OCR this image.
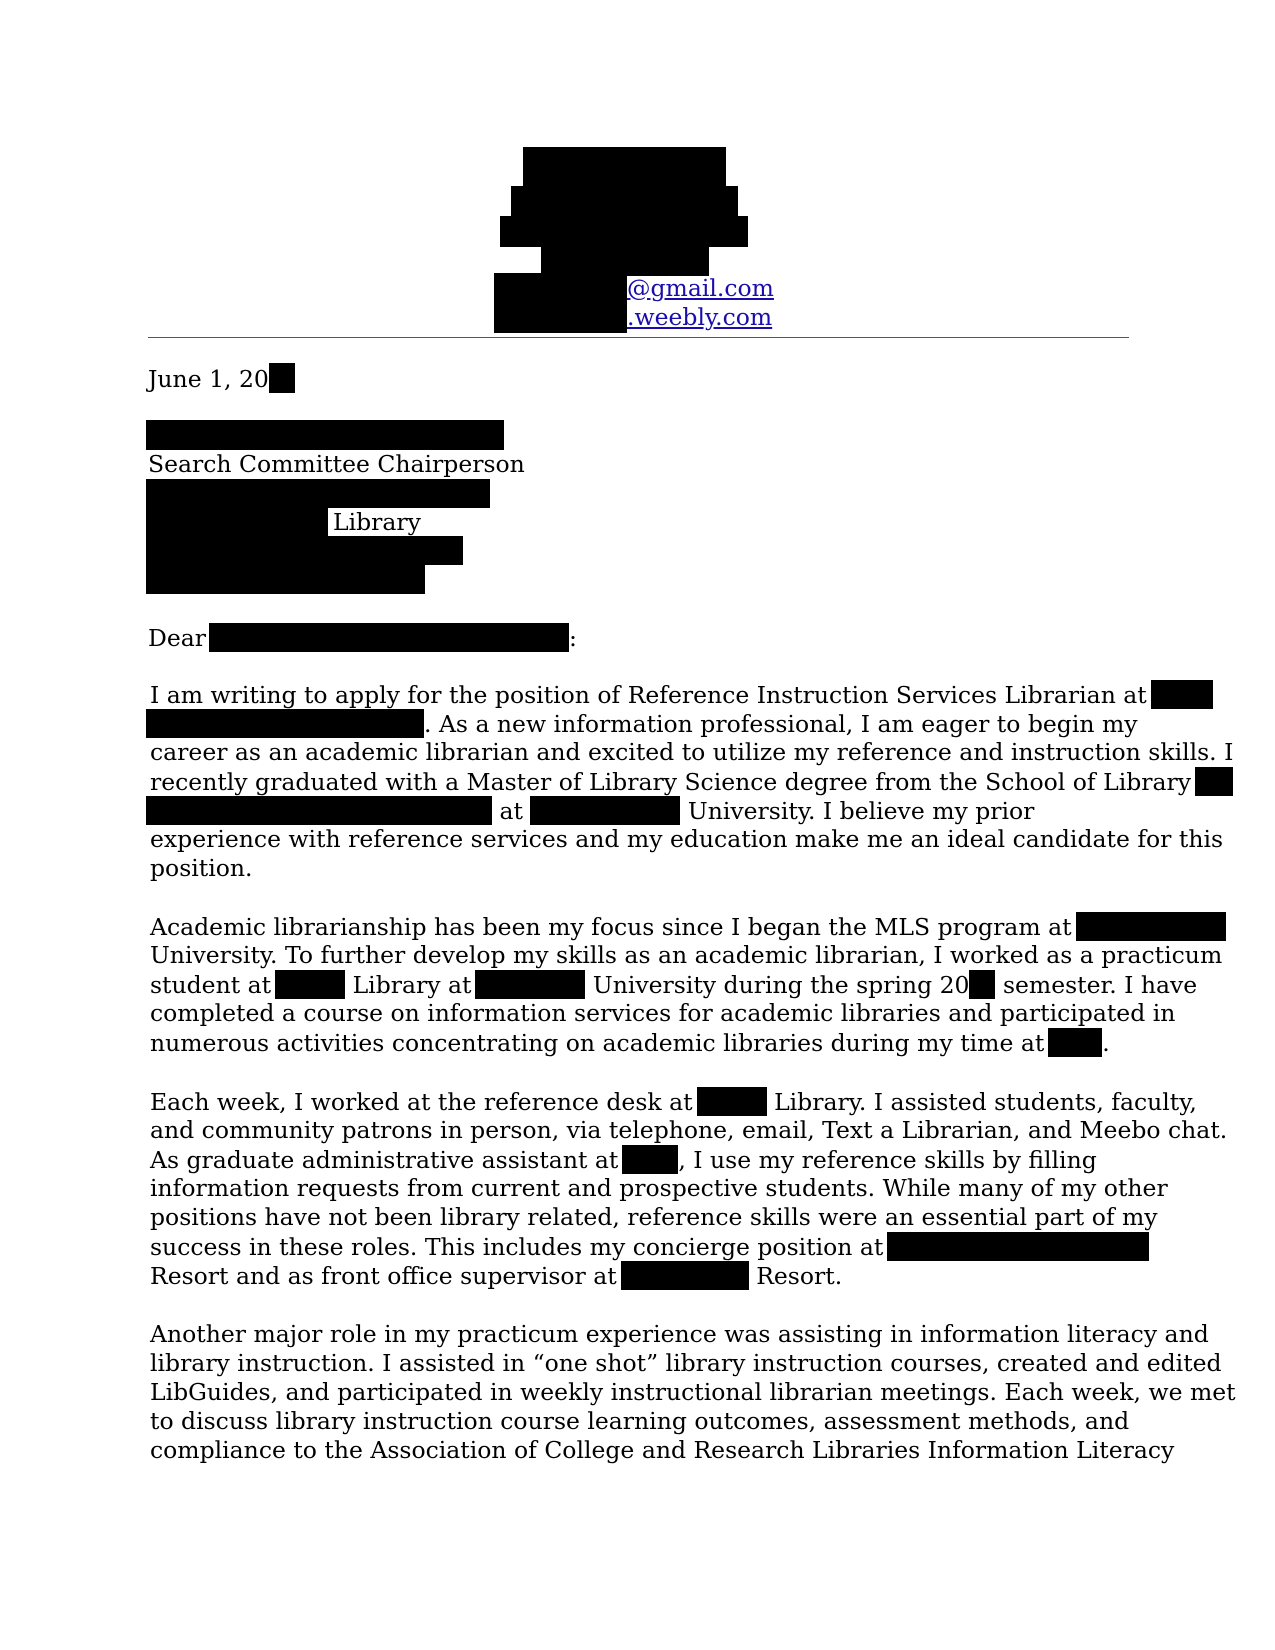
@gmail.com
.weebly.com
June 1, 20
Search Committee Chairperson
Library
Dear	:
I am writing to apply for the position of Reference Instruction Services Librarian at
. As a new information professional, I am eager to begin my
career as an academic librarian and excited to utilize my reference and instruction skills. I
recently graduated with a Master of Library Science degree from the School of Library
at	University. I believe my prior
experience with reference services and my education make me an ideal candidate for this
position.
Academic librarianship has been my focus since I began the MLS program at
University. To further develop my skills as an academic librarian, I worked as a practicum
student at	Library at	University during the spring 20 semester. I have
completed a course on information services for academic libraries and participated in
numerous activities concentrating on academic libraries during my time at .
Each week, I worked at the reference desk at	Library. I assisted students, faculty,
and community patrons in person, via telephone, email, Text a Librarian, and Meebo chat.
As graduate administrative assistant at	, I use my reference skills by filling
information requests from current and prospective students. While many of my other
positions have not been library related, reference skills were an essential part of my
success in these roles. This includes my concierge position at
Resort and as front office supervisor at	Resort.
Another major role in my practicum experience was assisting in information literacy and
library instruction. I assisted in “one shot” library instruction courses, created and edited
LibGuides, and participated in weekly instructional librarian meetings. Each week, we met
to discuss library instruction course learning outcomes, assessment methods, and
compliance to the Association of College and Research Libraries Information Literacy
